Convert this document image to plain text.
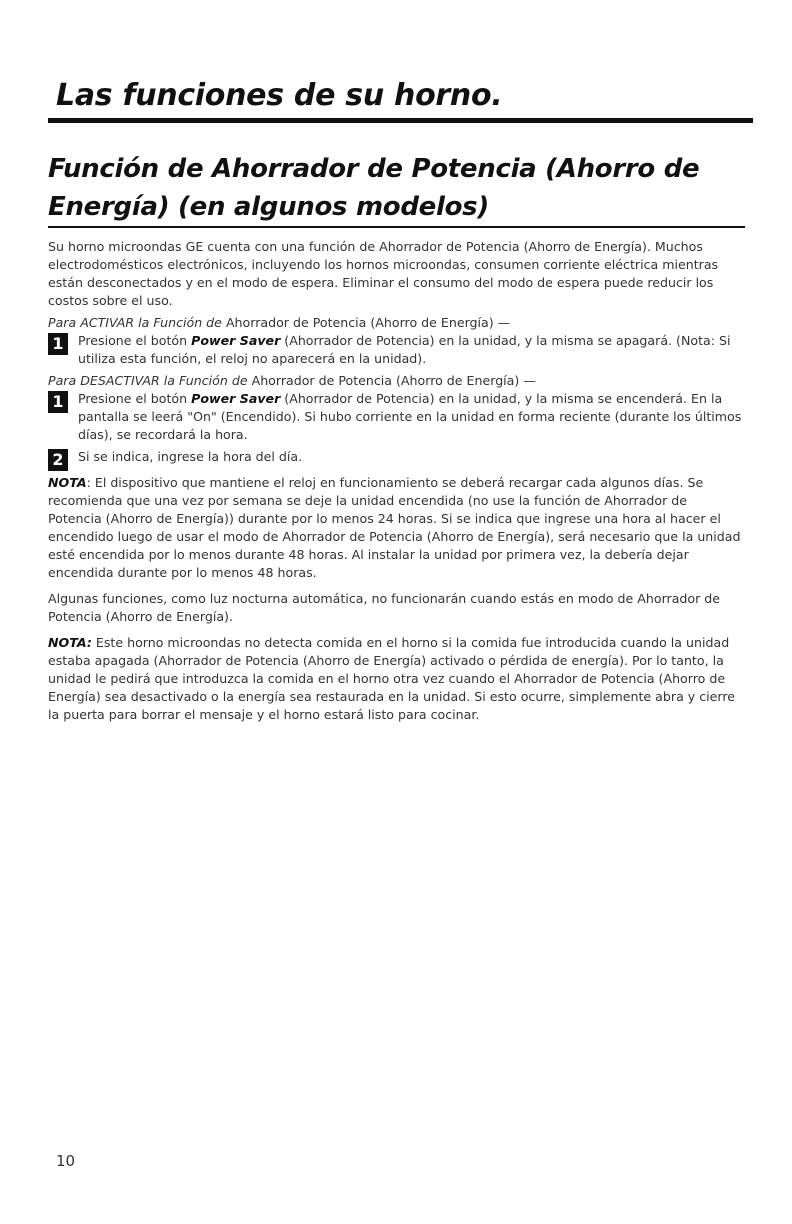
Las funciones de su horno.
Función de Ahorrador de Potencia (Ahorro de Energía) (en algunos modelos)

Su horno microondas GE cuenta con una función de Ahorrador de Potencia (Ahorro de Energía). Muchos electrodomésticos electrónicos, incluyendo los hornos microondas, consumen corriente eléctrica mientras están desconectados y en el modo de espera. Eliminar el consumo del modo de espera puede reducir los costos sobre el uso.

Para ACTIVAR la Función de Ahorrador de Potencia (Ahorro de Energía) —

1	Presione el botón Power Saver (Ahorrador de Potencia) en la unidad, y la misma se apagará. (Nota: Si utiliza esta función, el reloj no aparecerá en la unidad).

Para DESACTIVAR la Función de Ahorrador de Potencia (Ahorro de Energía) —

1	Presione el botón Power Saver (Ahorrador de Potencia) en la unidad, y la misma se encenderá. En la pantalla se leerá "On" (Encendido). Si hubo corriente en la unidad en forma reciente (durante los últimos días), se recordará la hora.
2	Si se indica, ingrese la hora del día.

NOTA: El dispositivo que mantiene el reloj en funcionamiento se deberá recargar cada algunos días. Se recomienda que una vez por semana se deje la unidad encendida (no use la función de Ahorrador de Potencia (Ahorro de Energía)) durante por lo menos 24 horas. Si se indica que ingrese una hora al hacer el encendido luego de usar el modo de Ahorrador de Potencia (Ahorro de Energía), será necesario que la unidad esté encendida por lo menos durante 48 horas. Al instalar la unidad por primera vez, la debería dejar encendida durante por lo menos 48 horas.

Algunas funciones, como luz nocturna automática, no funcionarán cuando estás en modo de Ahorrador de Potencia (Ahorro de Energía).

NOTA: Este horno microondas no detecta comida en el horno si la comida fue introducida cuando la unidad estaba apagada (Ahorrador de Potencia (Ahorro de Energía) activado o pérdida de energía). Por lo tanto, la unidad le pedirá que introduzca la comida en el horno otra vez cuando el Ahorrador de Potencia (Ahorro de Energía) sea desactivado o la energía sea restaurada en la unidad. Si esto ocurre, simplemente abra y cierre la puerta para borrar el mensaje y el horno estará listo para cocinar.

10
